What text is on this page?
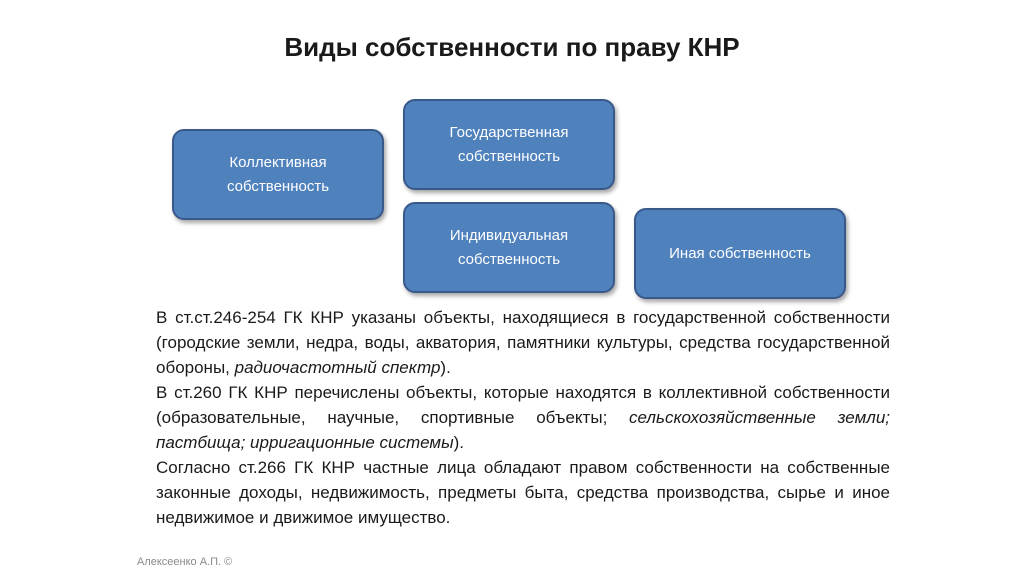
Виды собственности по праву КНР
Коллективная
собственность
Государственная
собственность
Индивидуальная
собственность	Иная собственность

В ст.ст.246-254 ГК КНР указаны объекты, находящиеся в государственной собственности (городские земли, недра, воды, акватория, памятники культуры, средства государственной обороны, радиочастотный спектр).

В ст.260 ГК КНР перечислены объекты, которые находятся в коллективной собственности (образовательные, научные, спортивные объекты; сельскохозяйственные земли; пастбища; ирригационные системы).

Согласно ст.266 ГК КНР частные лица обладают правом собственности на собственные законные доходы, недвижимость, предметы быта, средства производства, сырье и иное недвижимое и движимое имущество.

Алексеенко А.П. ©
